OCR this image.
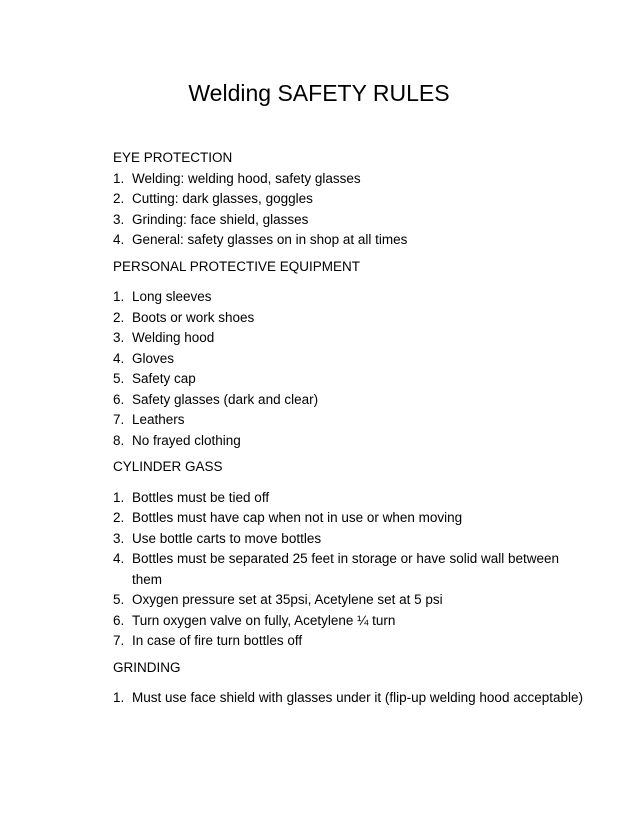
Welding SAFETY RULES
EYE PROTECTION
1. Welding: welding hood, safety glasses
2. Cutting: dark glasses, goggles
3. Grinding: face shield, glasses
4. General: safety glasses on in shop at all times
PERSONAL PROTECTIVE EQUIPMENT
1. Long sleeves
2. Boots or work shoes
3. Welding hood
4. Gloves
5. Safety cap
6. Safety glasses (dark and clear)
7. Leathers
8. No frayed clothing
CYLINDER GASS
1. Bottles must be tied off
2. Bottles must have cap when not in use or when moving
3. Use bottle carts to move bottles
4. Bottles must be separated 25 feet in storage or have solid wall between them
5. Oxygen pressure set at 35psi, Acetylene set at 5 psi
6. Turn oxygen valve on fully, Acetylene ¼ turn
7. In case of fire turn bottles off
GRINDING
1. Must use face shield with glasses under it (flip-up welding hood acceptable)
